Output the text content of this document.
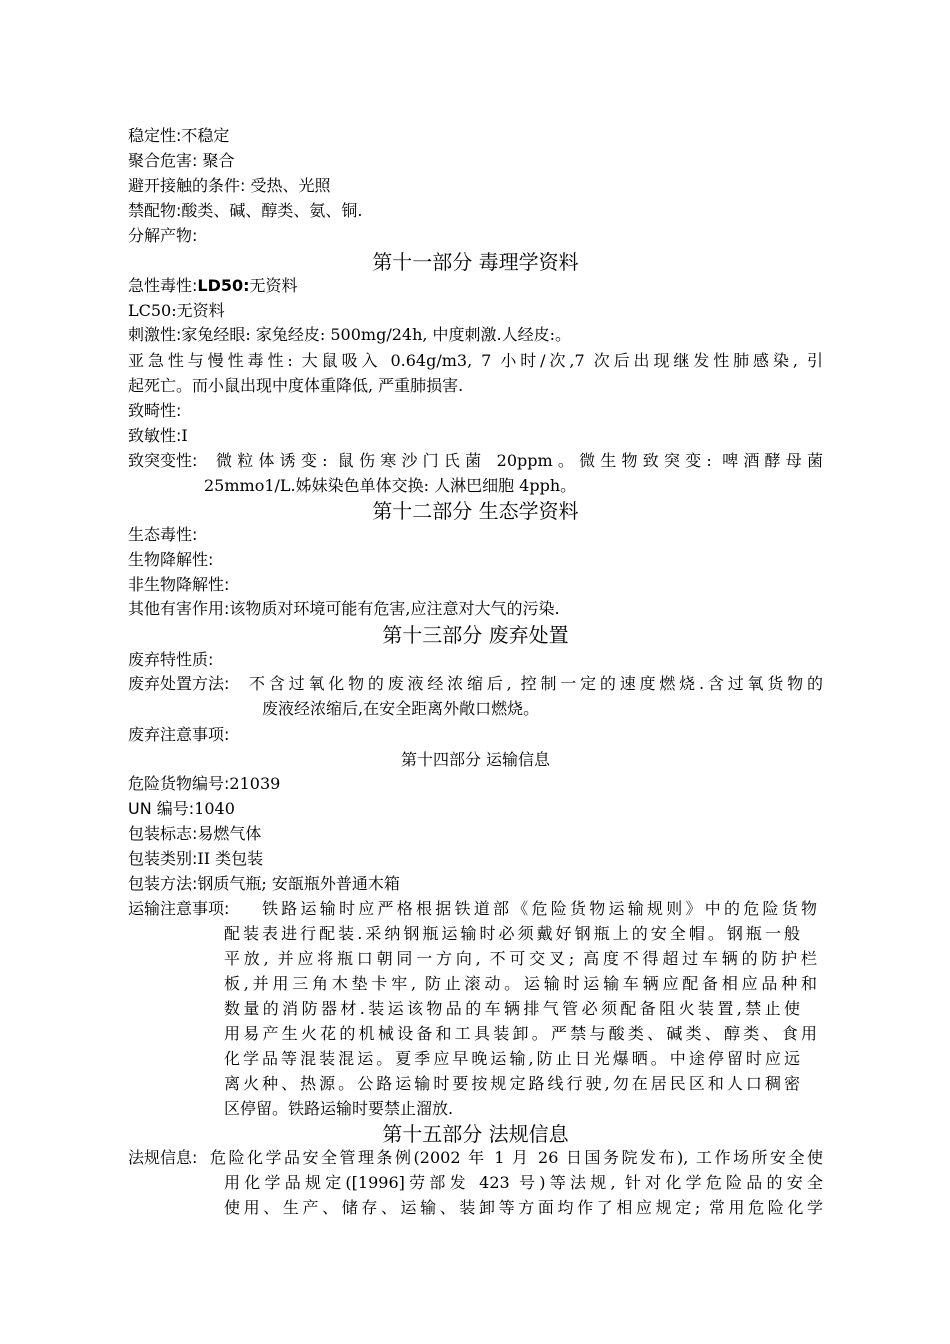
稳定性:不稳定
聚合危害: 聚合
避开接触的条件: 受热、光照
禁配物:酸类、碱、醇类、氨、铜.
分解产物:
第十一部分 毒理学资料
急性毒性:LD50:无资料
LC50:无资料
刺激性:家兔经眼: 家兔经皮: 500mg/24h, 中度刺激.人经皮:。
亚急性与慢性毒性: 大鼠吸入 0.64g/m3, 7 小时/次,7 次后出现继发性肺感染, 引
起死亡。而小鼠出现中度体重降低, 严重肺损害.
致畸性:
致敏性:I
致突变性: 微粒体诱变: 鼠伤寒沙门氏菌 20ppm。微生物致突变: 啤酒酵母菌
25mmo1/L.姊妹染色单体交换: 人淋巴细胞 4pph。
第十二部分 生态学资料
生态毒性:
生物降解性:
非生物降解性:
其他有害作用:该物质对环境可能有危害,应注意对大气的污染.
第十三部分 废弃处置
废弃特性质:
废弃处置方法: 不含过氧化物的废液经浓缩后, 控制一定的速度燃烧.含过氧货物的
废液经浓缩后,在安全距离外敞口燃烧。
废弃注意事项:
第十四部分 运输信息
危险货物编号:21039
UN 编号:1040
包装标志:易燃气体
包装类别:II 类包装
包装方法:钢质气瓶; 安瓿瓶外普通木箱
运输注意事项: 铁路运输时应严格根据铁道部《危险货物运输规则》中的危险货物
配装表进行配装.采纳钢瓶运输时必须戴好钢瓶上的安全帽。钢瓶一般
平放, 并应将瓶口朝同一方向, 不可交叉; 高度不得超过车辆的防护栏
板,并用三角木垫卡牢, 防止滚动。运输时运输车辆应配备相应品种和
数量的消防器材.装运该物品的车辆排气管必须配备阻火装置,禁止使
用易产生火花的机械设备和工具装卸。严禁与酸类、碱类、醇类、食用
化学品等混装混运。夏季应早晚运输,防止日光爆晒。中途停留时应远
离火种、热源。公路运输时要按规定路线行驶,勿在居民区和人口稠密
区停留。铁路运输时要禁止溜放.
第十五部分 法规信息
法规信息: 危险化学品安全管理条例(2002 年 1 月 26 日国务院发布), 工作场所安全使
用化学品规定([1996]劳部发 423 号)等法规, 针对化学危险品的安全
使用、生产、储存、运输、装卸等方面均作了相应规定; 常用危险化学
